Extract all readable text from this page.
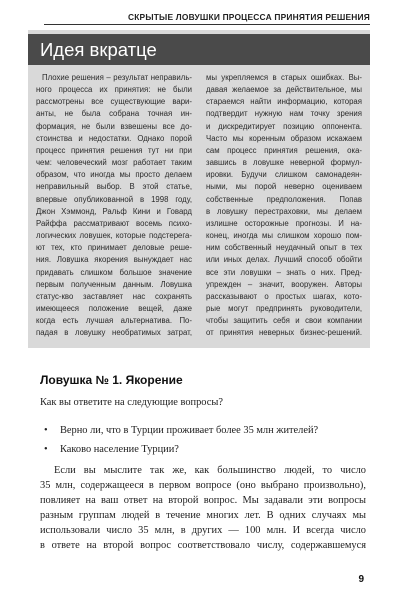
СКРЫТЫЕ ЛОВУШКИ ПРОЦЕССА ПРИНЯТИЯ РЕШЕНИЯ
Идея вкратце
Плохие решения – результат неправиль-
ного процесса их принятия: не были
рассмотрены все существующие вари-
анты, не была собрана точная ин-
формация, не были взвешены все до-
стоинства и недостатки. Однако порой
процесс принятия решения тут ни при
чем: человеческий мозг работает таким
образом, что иногда мы просто делаем
неправильный выбор. В этой статье,
впервые опубликованной в 1998 году,
Джон Хэммонд, Ральф Кини и Говард
Райффа рассматривают восемь психо-
логических ловушек, которые подстерега-
ют тех, кто принимает деловые реше-
ния. Ловушка якорения вынуждает нас
придавать слишком большое значение
первым полученным данным. Ловушка
статус-кво заставляет нас сохранять
имеющееся положение вещей, даже
когда есть лучшая альтернатива. По-
падая в ловушку необратимых затрат,
мы укрепляемся в старых ошибках. Вы-
давая желаемое за действительное, мы
стараемся найти информацию, которая
подтвердит нужную нам точку зрения
и дискредитирует позицию оппонента.
Часто мы коренным образом искажаем
сам процесс принятия решения, ока-
завшись в ловушке неверной формул-
ировки. Будучи слишком самонадеян-
ными, мы порой неверно оцениваем
собственные предположения. Попав
в ловушку перестраховки, мы делаем
излишне осторожные прогнозы. И на-
конец, иногда мы слишком хорошо пом-
ним собственный неудачный опыт в тех
или иных делах. Лучший способ обойти
все эти ловушки – знать о них. Пред-
упрежден – значит, вооружен. Авторы
рассказывают о простых шагах, кото-
рые могут предпринять руководители,
чтобы защитить себя и свои компании
от принятия неверных бизнес-решений.
Ловушка № 1. Якорение
Как вы ответите на следующие вопросы?
• Верно ли, что в Турции проживает более 35 млн жителей?
• Каково население Турции?
Если вы мыслите так же, как большинство людей, то число
35 млн, содержащееся в первом вопросе (оно выбрано произвольно),
повлияет на ваш ответ на второй вопрос. Мы задавали эти вопросы
разным группам людей в течение многих лет. В одних случаях мы
использовали число 35 млн, в других — 100 млн. И всегда число
в ответе на второй вопрос соответствовало числу, содержавшемуся
9
